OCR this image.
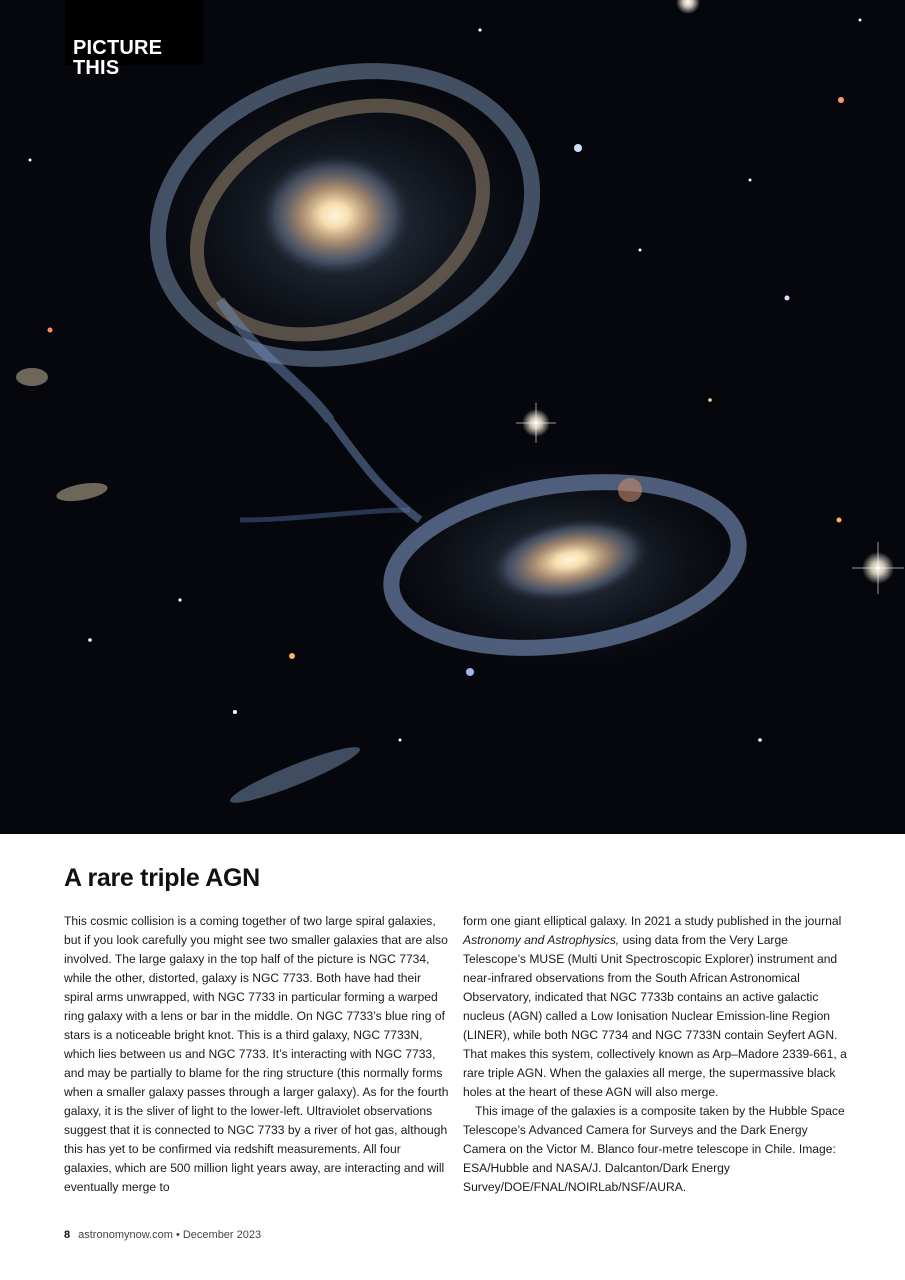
PICTURE THIS
A rare triple AGN

This cosmic collision is a coming together of two large spiral galaxies, but if you look carefully you might see two smaller galaxies that are also involved. The large galaxy in the top half of the picture is NGC 7734, while the other, distorted, galaxy is NGC 7733. Both have had their spiral arms unwrapped, with NGC 7733 in particular forming a warped ring galaxy with a lens or bar in the middle. On NGC 7733’s blue ring of stars is a noticeable bright knot. This is a third galaxy, NGC 7733N, which lies between us and NGC 7733. It’s interacting with NGC 7733, and may be partially to blame for the ring structure (this normally forms when a smaller galaxy passes through a larger galaxy). As for the fourth galaxy, it is the sliver of light to the lower-left. Ultraviolet observations suggest that it is connected to NGC 7733 by a river of hot gas, although this has yet to be confirmed via redshift measurements. All four galaxies, which are 500 million light years away, are interacting and will eventually merge to

form one giant elliptical galaxy. In 2021 a study published in the journal Astronomy and Astrophysics, using data from the Very Large Telescope’s MUSE (Multi Unit Spectroscopic Explorer) instrument and near-infrared observations from the South African Astronomical Observatory, indicated that NGC 7733b contains an active galactic nucleus (AGN) called a Low Ionisation Nuclear Emission-line Region (LINER), while both NGC 7734 and NGC 7733N contain Seyfert AGN. That makes this system, collectively known as Arp–Madore 2339-661, a rare triple AGN. When the galaxies all merge, the supermassive black holes at the heart of these AGN will also merge.

This image of the galaxies is a composite taken by the Hubble Space Telescope’s Advanced Camera for Surveys and the Dark Energy Camera on the Victor M. Blanco four-metre telescope in Chile. Image: ESA/Hubble and NASA/J. Dalcanton/Dark Energy Survey/DOE/FNAL/NOIRLab/NSF/AURA.

8 astronomynow.com • December 2023
